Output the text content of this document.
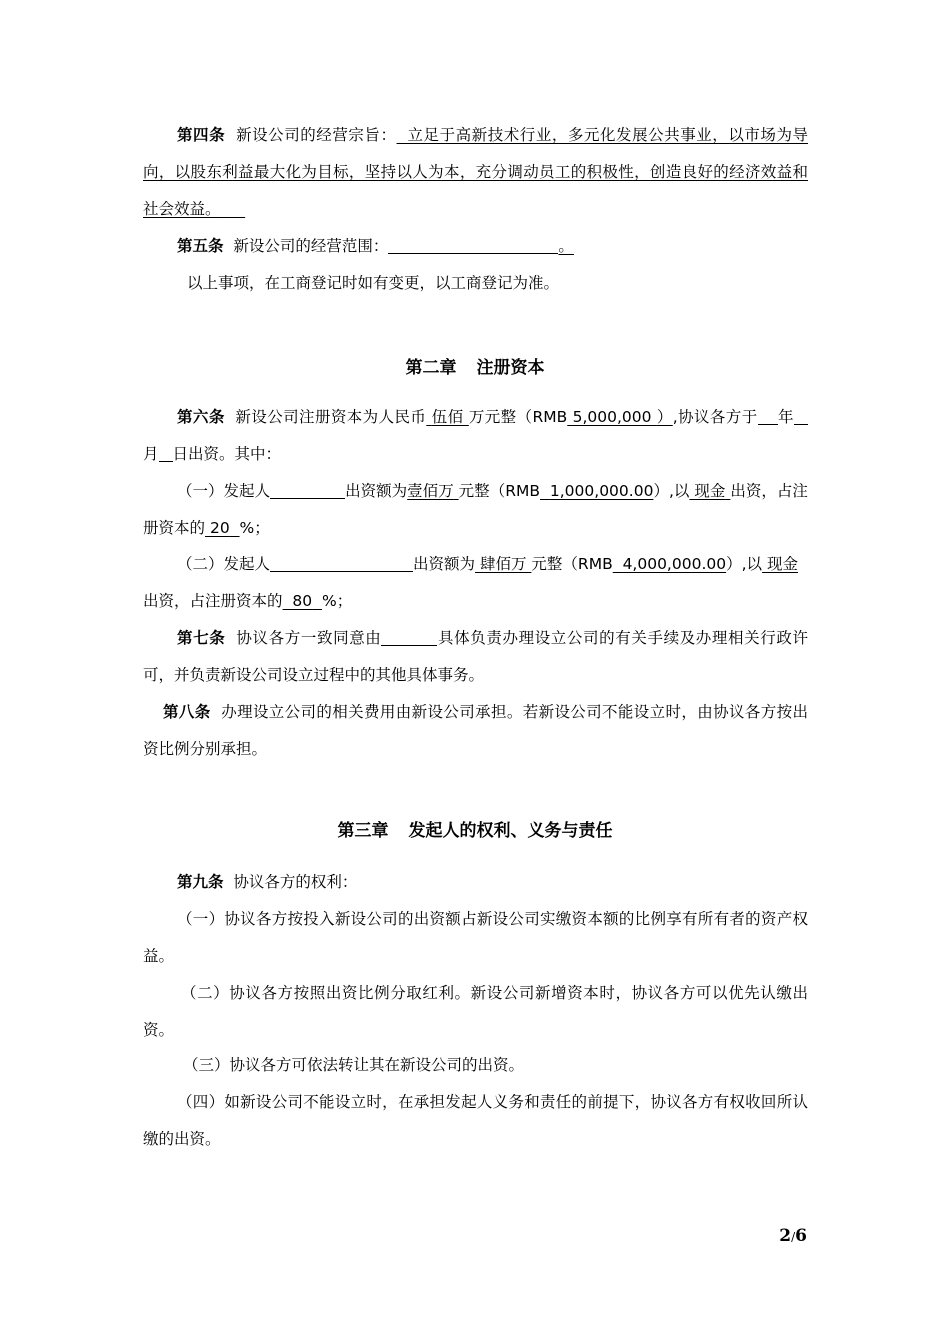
第四条 新设公司的经营宗旨： 立足于高新技术行业，多元化发展公共事业，以市场为导向，以股东利益最大化为目标，坚持以人为本，充分调动员工的积极性，创造良好的经济效益和社会效益。
第五条 新设公司的经营范围：	。
以上事项，在工商登记时如有变更，以工商登记为准。
第二章 注册资本
第六条 新设公司注册资本为人民币 伍佰 万元整（RMB 5,000,000 ）,协议各方于 年月 日出资。其中：
（一）发起人	出资额为壹佰万 元整（RMB 1,000,000.00）,以 现金 出资，占注册资本的 20 %；
（二）发起人	出资额为 肆佰万 元整（RMB 4,000,000.00）,以 现金
出资，占注册资本的 80 %；
第七条 协议各方一致同意由	具体负责办理设立公司的有关手续及办理相关行政许可，并负责新设公司设立过程中的其他具体事务。
第八条 办理设立公司的相关费用由新设公司承担。若新设公司不能设立时，由协议各方按出资比例分别承担。
第三章 发起人的权利、义务与责任
第九条 协议各方的权利：
（一）协议各方按投入新设公司的出资额占新设公司实缴资本额的比例享有所有者的资产权益。
（二）协议各方按照出资比例分取红利。新设公司新增资本时，协议各方可以优先认缴出资。
（三）协议各方可依法转让其在新设公司的出资。
（四）如新设公司不能设立时，在承担发起人义务和责任的前提下，协议各方有权收回所认缴的出资。
2/6
